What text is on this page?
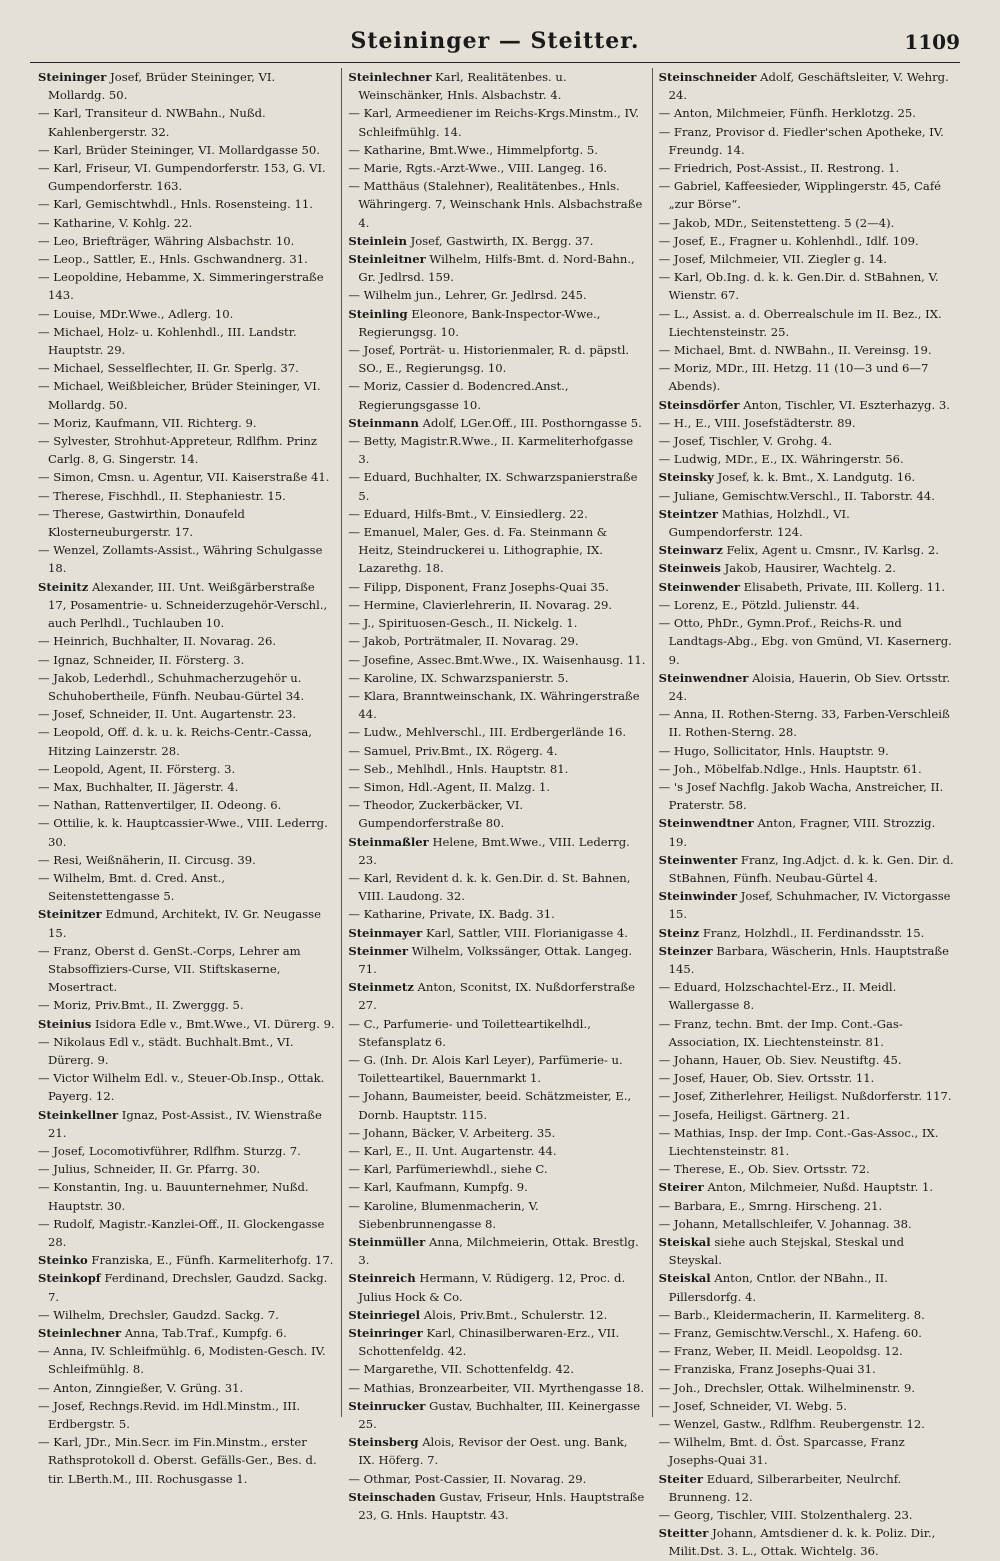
Steininger — Steitter.	1109

Steininger Josef, Brüder Steininger, VI. Mollardg. 50.

— Karl, Transiteur d. NWBahn., Nußd. Kahlenbergerstr. 32.

— Karl, Brüder Steininger, VI. Mollardgasse 50.

— Karl, Friseur, VI. Gumpendorferstr. 153, G. VI. Gumpendorferstr. 163.

— Karl, Gemischtwhdl., Hnls. Rosensteing. 11.

— Katharine, V. Kohlg. 22.

— Leo, Briefträger, Währing Alsbachstr. 10.

— Leop., Sattler, E., Hnls. Gschwandnerg. 31.

— Leopoldine, Hebamme, X. Simmeringerstraße 143.

— Louise, MDr.Wwe., Adlerg. 10.

— Michael, Holz- u. Kohlenhdl., III. Landstr. Hauptstr. 29.

— Michael, Sesselflechter, II. Gr. Sperlg. 37.

— Michael, Weißbleicher, Brüder Steininger, VI. Mollardg. 50.

— Moriz, Kaufmann, VII. Richterg. 9.

— Sylvester, Strohhut-Appreteur, Rdlfhm. Prinz Carlg. 8, G. Singerstr. 14.

— Simon, Cmsn. u. Agentur, VII. Kaiserstraße 41.

— Therese, Fischhdl., II. Stephaniestr. 15.

— Therese, Gastwirthin, Donaufeld Klosterneuburgerstr. 17.

— Wenzel, Zollamts-Assist., Währing Schulgasse 18.

Steinitz Alexander, III. Unt. Weißgärberstraße 17, Posamentrie- u. Schneiderzugehör-Verschl., auch Perlhdl., Tuchlauben 10.

— Heinrich, Buchhalter, II. Novarag. 26.

— Ignaz, Schneider, II. Försterg. 3.

— Jakob, Lederhdl., Schuhmacherzugehör u. Schuhobertheile, Fünfh. Neubau-Gürtel 34.

— Josef, Schneider, II. Unt. Augartenstr. 23.

— Leopold, Off. d. k. u. k. Reichs-Centr.-Cassa, Hitzing Lainzerstr. 28.

— Leopold, Agent, II. Försterg. 3.

— Max, Buchhalter, II. Jägerstr. 4.

— Nathan, Rattenvertilger, II. Odeong. 6.

— Ottilie, k. k. Hauptcassier-Wwe., VIII. Lederrg. 30.

— Resi, Weißnäherin, II. Circusg. 39.

— Wilhelm, Bmt. d. Cred. Anst., Seitenstettengasse 5.

Steinitzer Edmund, Architekt, IV. Gr. Neugasse 15.

— Franz, Oberst d. GenSt.-Corps, Lehrer am Stabsoffiziers-Curse, VII. Stiftskaserne, Mosertract.

— Moriz, Priv.Bmt., II. Zwerggg. 5.

Steinius Isidora Edle v., Bmt.Wwe., VI. Dürerg. 9.

— Nikolaus Edl v., städt. Buchhalt.Bmt., VI. Dürerg. 9.

— Victor Wilhelm Edl. v., Steuer-Ob.Insp., Ottak. Payerg. 12.

Steinkellner Ignaz, Post-Assist., IV. Wienstraße 21.

— Josef, Locomotivführer, Rdlfhm. Sturzg. 7.

— Julius, Schneider, II. Gr. Pfarrg. 30.

— Konstantin, Ing. u. Bauunternehmer, Nußd. Hauptstr. 30.

— Rudolf, Magistr.-Kanzlei-Off., II. Glockengasse 28.

Steinko Franziska, E., Fünfh. Karmeliterhofg. 17.

Steinkopf Ferdinand, Drechsler, Gaudzd. Sackg. 7.

— Wilhelm, Drechsler, Gaudzd. Sackg. 7.

Steinlechner Anna, Tab.Traf., Kumpfg. 6.

— Anna, IV. Schleifmühlg. 6, Modisten-Gesch. IV. Schleifmühlg. 8.

— Anton, Zinngießer, V. Grüng. 31.

— Josef, Rechngs.Revid. im Hdl.Minstm., III. Erdbergstr. 5.

— Karl, JDr., Min.Secr. im Fin.Minstm., erster Rathsprotokoll d. Oberst. Gefälls-Ger., Bes. d. tir. LBerth.M., III. Rochusgasse 1.

Steinlechner Karl, Realitätenbes. u. Weinschänker, Hnls. Alsbachstr. 4.

— Karl, Armeediener im Reichs-Krgs.Minstm., IV. Schleifmühlg. 14.

— Katharine, Bmt.Wwe., Himmelpfortg. 5.

— Marie, Rgts.-Arzt-Wwe., VIII. Langeg. 16.

— Matthäus (Stalehner), Realitätenbes., Hnls. Währingerg. 7, Weinschank Hnls. Alsbachstraße 4.

Steinlein Josef, Gastwirth, IX. Bergg. 37.

Steinleitner Wilhelm, Hilfs-Bmt. d. Nord-Bahn., Gr. Jedlrsd. 159.

— Wilhelm jun., Lehrer, Gr. Jedlrsd. 245.

Steinling Eleonore, Bank-Inspector-Wwe., Regierungsg. 10.

— Josef, Porträt- u. Historienmaler, R. d. päpstl. SO., E., Regierungsg. 10.

— Moriz, Cassier d. Bodencred.Anst., Regierungsgasse 10.

Steinmann Adolf, LGer.Off., III. Posthorngasse 5.

— Betty, Magistr.R.Wwe., II. Karmeliterhofgasse 3.

— Eduard, Buchhalter, IX. Schwarzspanierstraße 5.

— Eduard, Hilfs-Bmt., V. Einsiedlerg. 22.

— Emanuel, Maler, Ges. d. Fa. Steinmann & Heitz, Steindruckerei u. Lithographie, IX. Lazarethg. 18.

— Filipp, Disponent, Franz Josephs-Quai 35.

— Hermine, Clavierlehrerin, II. Novarag. 29.

— J., Spirituosen-Gesch., II. Nickelg. 1.

— Jakob, Porträtmaler, II. Novarag. 29.

— Josefine, Assec.Bmt.Wwe., IX. Waisenhausg. 11.

— Karoline, IX. Schwarzspanierstr. 5.

— Klara, Branntweinschank, IX. Währingerstraße 44.

— Ludw., Mehlverschl., III. Erdbergerlände 16.

— Samuel, Priv.Bmt., IX. Rögerg. 4.

— Seb., Mehlhdl., Hnls. Hauptstr. 81.

— Simon, Hdl.-Agent, II. Malzg. 1.

— Theodor, Zuckerbäcker, VI. Gumpendorferstraße 80.

Steinmaßler Helene, Bmt.Wwe., VIII. Lederrg. 23.

— Karl, Revident d. k. k. Gen.Dir. d. St. Bahnen, VIII. Laudong. 32.

— Katharine, Private, IX. Badg. 31.

Steinmayer Karl, Sattler, VIII. Florianigasse 4.

Steinmer Wilhelm, Volkssänger, Ottak. Langeg. 71.

Steinmetz Anton, Sconitst, IX. Nußdorferstraße 27.

— C., Parfumerie- und Toiletteartikelhdl., Stefansplatz 6.

— G. (Inh. Dr. Alois Karl Leyer), Parfümerie- u. Toiletteartikel, Bauernmarkt 1.

— Johann, Baumeister, beeid. Schätzmeister, E., Dornb. Hauptstr. 115.

— Johann, Bäcker, V. Arbeiterg. 35.

— Karl, E., II. Unt. Augartenstr. 44.

— Karl, Parfümeriewhdl., siehe C.

— Karl, Kaufmann, Kumpfg. 9.

— Karoline, Blumenmacherin, V. Siebenbrunnengasse 8.

Steinmüller Anna, Milchmeierin, Ottak. Brestlg. 3.

Steinreich Hermann, V. Rüdigerg. 12, Proc. d. Julius Hock & Co.

Steinriegel Alois, Priv.Bmt., Schulerstr. 12.

Steinringer Karl, Chinasilberwaren-Erz., VII. Schottenfeldg. 42.

— Margarethe, VII. Schottenfeldg. 42.

— Mathias, Bronzearbeiter, VII. Myrthengasse 18.

Steinrucker Gustav, Buchhalter, III. Keinergasse 25.

Steinsberg Alois, Revisor der Oest. ung. Bank, IX. Höferg. 7.

— Othmar, Post-Cassier, II. Novarag. 29.

Steinschaden Gustav, Friseur, Hnls. Hauptstraße 23, G. Hnls. Hauptstr. 43.

Steinschneider Adolf, Geschäftsleiter, V. Wehrg. 24.

— Anton, Milchmeier, Fünfh. Herklotzg. 25.

— Franz, Provisor d. Fiedler'schen Apotheke, IV. Freundg. 14.

— Friedrich, Post-Assist., II. Restrong. 1.

— Gabriel, Kaffeesieder, Wipplingerstr. 45, Café „zur Börse“.

— Jakob, MDr., Seitenstetteng. 5 (2—4).

— Josef, E., Fragner u. Kohlenhdl., Idlf. 109.

— Josef, Milchmeier, VII. Ziegler g. 14.

— Karl, Ob.Ing. d. k. k. Gen.Dir. d. StBahnen, V. Wienstr. 67.

— L., Assist. a. d. Oberrealschule im II. Bez., IX. Liechtensteinstr. 25.

— Michael, Bmt. d. NWBahn., II. Vereinsg. 19.

— Moriz, MDr., III. Hetzg. 11 (10—3 und 6—7 Abends).

Steinsdörfer Anton, Tischler, VI. Eszterhazyg. 3.

— H., E., VIII. Josefstädterstr. 89.

— Josef, Tischler, V. Grohg. 4.

— Ludwig, MDr., E., IX. Währingerstr. 56.

Steinsky Josef, k. k. Bmt., X. Landgutg. 16.

— Juliane, Gemischtw.Verschl., II. Taborstr. 44.

Steintzer Mathias, Holzhdl., VI. Gumpendorferstr. 124.

Steinwarz Felix, Agent u. Cmsnr., IV. Karlsg. 2.

Steinweis Jakob, Hausirer, Wachtelg. 2.

Steinwender Elisabeth, Private, III. Kollerg. 11.

— Lorenz, E., Pötzld. Julienstr. 44.

— Otto, PhDr., Gymn.Prof., Reichs-R. und Landtags-Abg., Ebg. von Gmünd, VI. Kasernerg. 9.

Steinwendner Aloisia, Hauerin, Ob Siev. Ortsstr. 24.

— Anna, II. Rothen-Sterng. 33, Farben-Verschleiß II. Rothen-Sterng. 28.

— Hugo, Sollicitator, Hnls. Hauptstr. 9.

— Joh., Möbelfab.Ndlge., Hnls. Hauptstr. 61.

— 's Josef Nachflg. Jakob Wacha, Anstreicher, II. Praterstr. 58.

Steinwendtner Anton, Fragner, VIII. Strozzig. 19.

Steinwenter Franz, Ing.Adjct. d. k. k. Gen. Dir. d. StBahnen, Fünfh. Neubau-Gürtel 4.

Steinwinder Josef, Schuhmacher, IV. Victorgasse 15.

Steinz Franz, Holzhdl., II. Ferdinandsstr. 15.

Steinzer Barbara, Wäscherin, Hnls. Hauptstraße 145.

— Eduard, Holzschachtel-Erz., II. Meidl. Wallergasse 8.

— Franz, techn. Bmt. der Imp. Cont.-Gas-Association, IX. Liechtensteinstr. 81.

— Johann, Hauer, Ob. Siev. Neustiftg. 45.

— Josef, Hauer, Ob. Siev. Ortsstr. 11.

— Josef, Zitherlehrer, Heiligst. Nußdorferstr. 117.

— Josefa, Heiligst. Gärtnerg. 21.

— Mathias, Insp. der Imp. Cont.-Gas-Assoc., IX. Liechtensteinstr. 81.

— Therese, E., Ob. Siev. Ortsstr. 72.

Steirer Anton, Milchmeier, Nußd. Hauptstr. 1.

— Barbara, E., Smrng. Hirscheng. 21.

— Johann, Metallschleifer, V. Johannag. 38.

Steiskal siehe auch Stejskal, Steskal und Steyskal.

Steiskal Anton, Cntlor. der NBahn., II. Pillersdorfg. 4.

— Barb., Kleidermacherin, II. Karmeliterg. 8.

— Franz, Gemischtw.Verschl., X. Hafeng. 60.

— Franz, Weber, II. Meidl. Leopoldsg. 12.

— Franziska, Franz Josephs-Quai 31.

— Joh., Drechsler, Ottak. Wilhelminenstr. 9.

— Josef, Schneider, VI. Webg. 5.

— Wenzel, Gastw., Rdlfhm. Reubergenstr. 12.

— Wilhelm, Bmt. d. Öst. Sparcasse, Franz Josephs-Quai 31.

Steiter Eduard, Silberarbeiter, Neulrchf. Brunneng. 12.

— Georg, Tischler, VIII. Stolzenthalerg. 23.

Steitter Johann, Amtsdiener d. k. k. Poliz. Dir., Milit.Dst. 3. L., Ottak. Wichtelg. 36.
